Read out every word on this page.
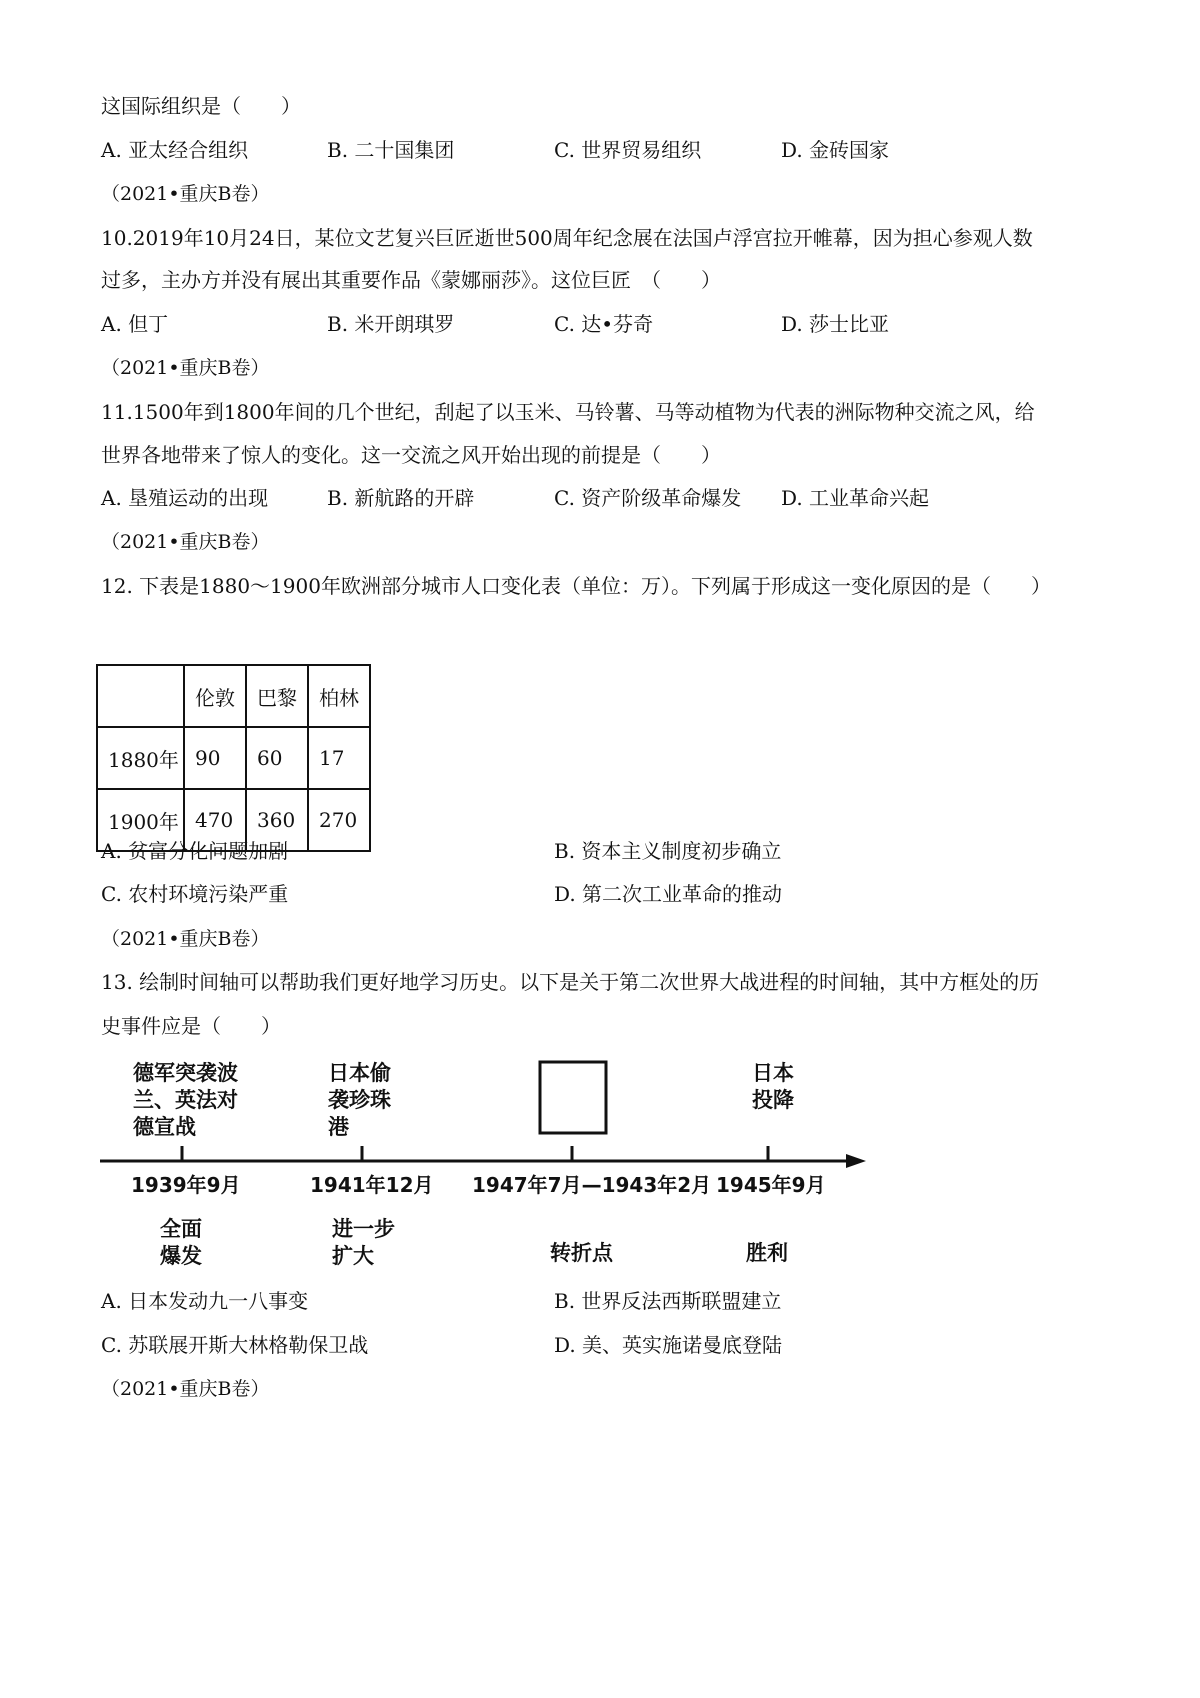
这国际组织是（　　）
A. 亚太经合组织	B. 二十国集团	C. 世界贸易组织	D. 金砖国家
（2021•重庆B卷）
10.2019年10月24日，某位文艺复兴巨匠逝世500周年纪念展在法国卢浮宫拉开帷幕，因为担心参观人数
过多，主办方并没有展出其重要作品《蒙娜丽莎》。这位巨匠　（　　）
A. 但丁	B. 米开朗琪罗	C. 达•芬奇	D. 莎士比亚
（2021•重庆B卷）
11.1500年到1800年间的几个世纪，刮起了以玉米、马铃薯、马等动植物为代表的洲际物种交流之风，给
世界各地带来了惊人的变化。这一交流之风开始出现的前提是（　　）
A. 垦殖运动的出现	B. 新航路的开辟	C. 资产阶级革命爆发 D. 工业革命兴起
（2021•重庆B卷）
12. 下表是1880～1900年欧洲部分城市人口变化表（单位：万）。下列属于形成这一变化原因的是（　　）
	伦敦	巴黎	柏林
1880年	90	60	17
1900年	470	360	270
A. 贫富分化问题加剧	B. 资本主义制度初步确立
C. 农村环境污染严重	D. 第二次工业革命的推动
（2021•重庆B卷）
13. 绘制时间轴可以帮助我们更好地学习历史。以下是关于第二次世界大战进程的时间轴，其中方框处的历
史事件应是（　　）
德军突袭波
兰、英法对
德宣战
日本偷
袭珍珠
港
日本
投降
1939年9月	1941年12月 1947年7月—1943年2月 1945年9月
全面
爆发
进一步
扩大	转折点	胜利
A. 日本发动九一八事变	B. 世界反法西斯联盟建立
C. 苏联展开斯大林格勒保卫战	D. 美、英实施诺曼底登陆
（2021•重庆B卷）
